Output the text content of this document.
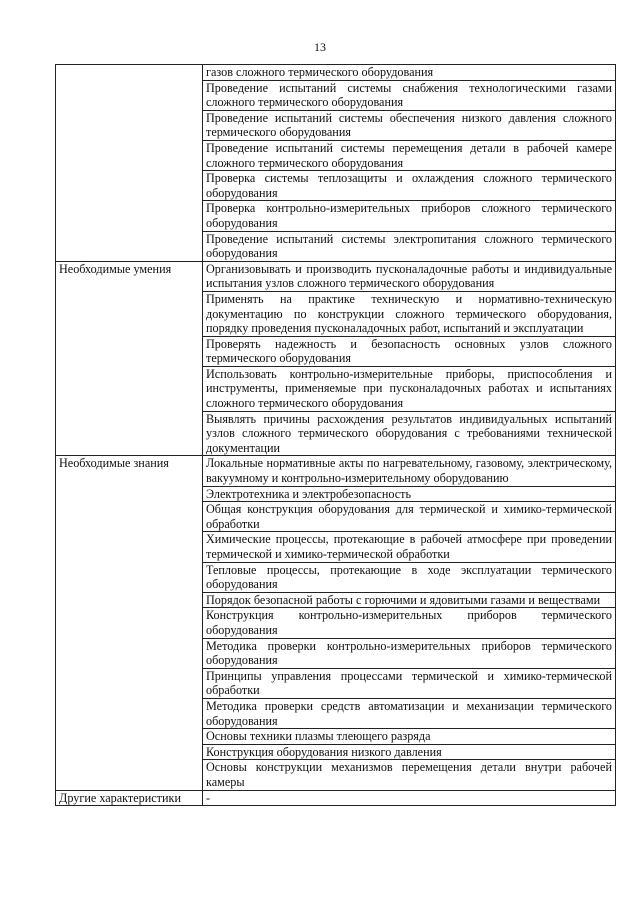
13
	газов сложного термического оборудования
	Проведение испытаний системы снабжения технологическими газами сложного термического оборудования
	Проведение испытаний системы обеспечения низкого давления сложного термического оборудования
	Проведение испытаний системы перемещения детали в рабочей камере сложного термического оборудования
	Проверка системы теплозащиты и охлаждения сложного термического оборудования
	Проверка контрольно-измерительных приборов сложного термического оборудования
	Проведение испытаний системы электропитания сложного термического оборудования
Необходимые умения	Организовывать и производить пусконаладочные работы и индивидуальные испытания узлов сложного термического оборудования
	Применять на практике техническую и нормативно-техническую документацию по конструкции сложного термического оборудования, порядку проведения пусконаладочных работ, испытаний и эксплуатации
	Проверять надежность и безопасность основных узлов сложного термического оборудования
	Использовать контрольно-измерительные приборы, приспособления и инструменты, применяемые при пусконаладочных работах и испытаниях сложного термического оборудования
	Выявлять причины расхождения результатов индивидуальных испытаний узлов сложного термического оборудования с требованиями технической документации
Необходимые знания	Локальные нормативные акты по нагревательному, газовому, электрическому, вакуумному и контрольно-измерительному оборудованию
	Электротехника и электробезопасность
	Общая конструкция оборудования для термической и химико-термической обработки
	Химические процессы, протекающие в рабочей атмосфере при проведении термической и химико-термической обработки
	Тепловые процессы, протекающие в ходе эксплуатации термического оборудования
	Порядок безопасной работы с горючими и ядовитыми газами и веществами
	Конструкция контрольно-измерительных приборов термического оборудования
	Методика проверки контрольно-измерительных приборов термического оборудования
	Принципы управления процессами термической и химико-термической обработки
	Методика проверки средств автоматизации и механизации термического оборудования
	Основы техники плазмы тлеющего разряда
	Конструкция оборудования низкого давления
	Основы конструкции механизмов перемещения детали внутри рабочей камеры
Другие характеристики	-
